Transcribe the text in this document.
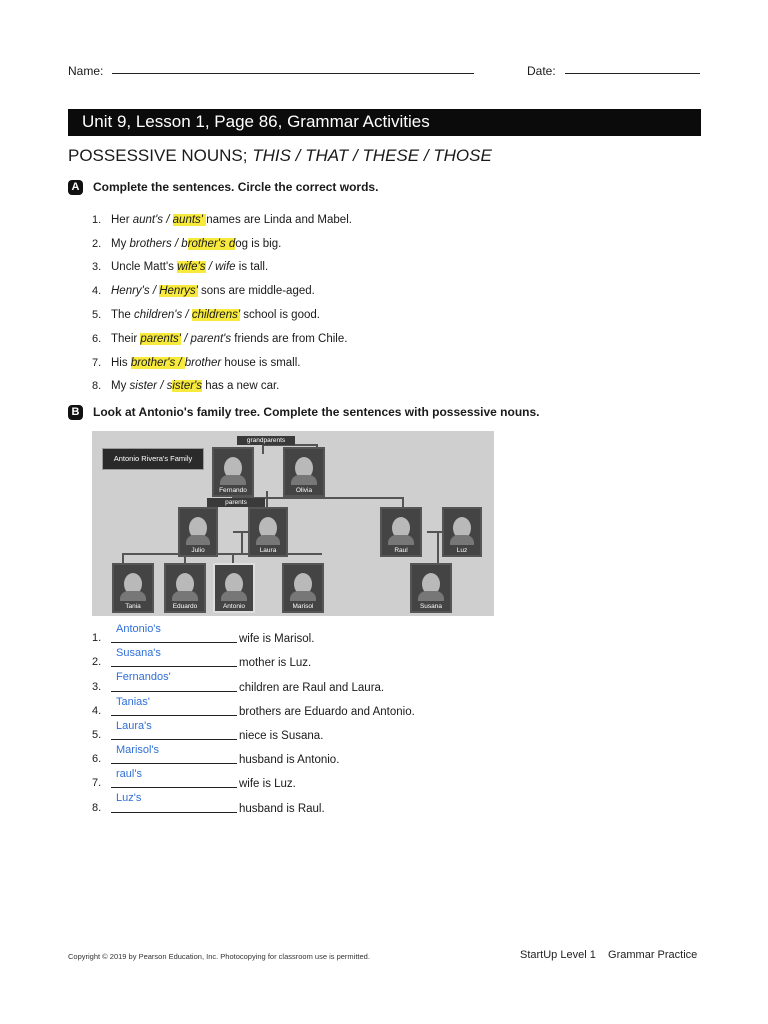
Name:	Date:
Unit 9, Lesson 1, Page 86, Grammar Activities
POSSESSIVE NOUNS; THIS / THAT / THESE / THOSE
A Complete the sentences. Circle the correct words.
1. Her aunt's / aunts' names are Linda and Mabel.
2. My brothers / b rother's d og is big.
3. Uncle Matt's wife's / wife is tall.
4. Henry's / Henrys' sons are middle-aged.
5. The children's / childrens' school is good.
6. Their parents' / parent's friends are from Chile.
7. His brother's / brother house is small.
8. My sister / s ister's has a new car.
B Look at Antonio's family tree. Complete the sentences with possessive nouns.
Antonio Rivera's Family
grandparents
parents
Fernando	Olivia
Julio	Laura	Raul	Luz
Tania	Eduardo	Antonio	Marisol	Susana
1.
Antonio's
wife is Marisol.
2.
Susana's
mother is Luz.
3.
Fernandos'
children are Raul and Laura.
4.
Tanias'
brothers are Eduardo and Antonio.
5.
Laura's
niece is Susana.
6.
Marisol's
husband is Antonio.
7.
raul's
wife is Luz.
8.
Luz's
husband is Raul.
Copyright © 2019 by Pearson Education, Inc. Photocopying for classroom use is permitted.	StartUp Level 1    Grammar Practice
